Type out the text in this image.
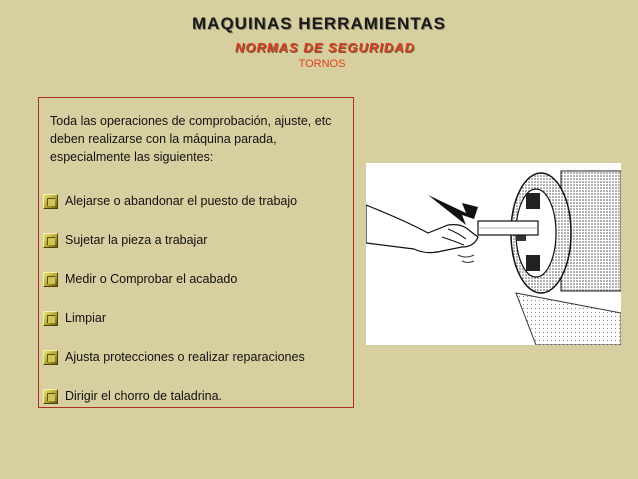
MAQUINAS HERRAMIENTAS
NORMAS DE SEGURIDAD
TORNOS
Toda las operaciones de comprobación, ajuste, etc deben realizarse con la máquina parada, especialmente las siguientes:
Alejarse o abandonar el puesto de trabajo
Sujetar la pieza a trabajar
Medir o Comprobar el acabado
Limpiar
Ajusta protecciones o realizar reparaciones
Dirigir el chorro de taladrina.
